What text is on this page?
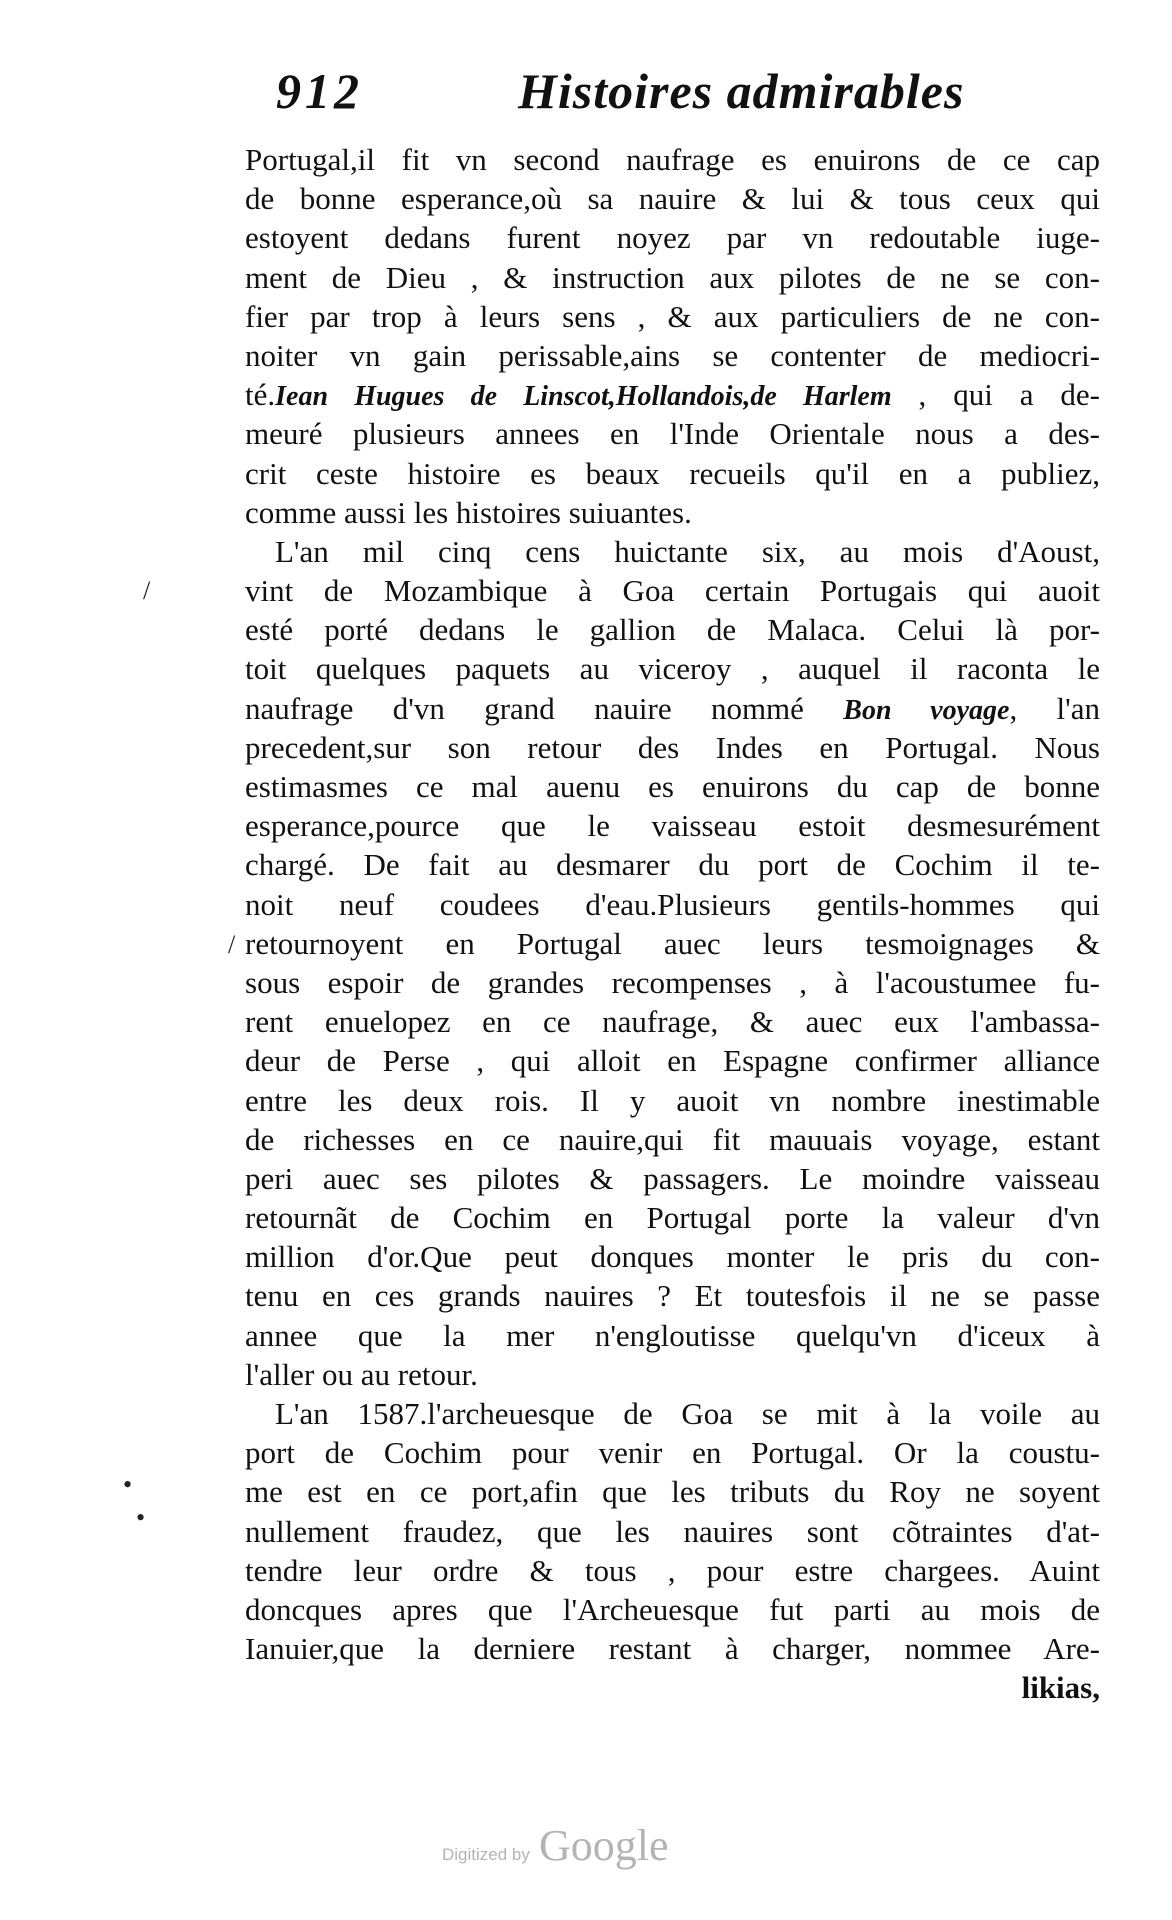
912	Histoires admirables
Portugal,il fit vn second naufrage es enuirons de ce cap
de bonne esperance,où sa nauire & lui & tous ceux qui
estoyent dedans furent noyez par vn redoutable iuge-
ment de Dieu , & instruction aux pilotes de ne se con-
fier par trop à leurs sens , & aux particuliers de ne con-
noiter vn gain perissable,ains se contenter de mediocri-
té.Iean Hugues de Linscot,Hollandois,de Harlem , qui a de-
meuré plusieurs annees en l'Inde Orientale nous a des-
crit ceste histoire es beaux recueils qu'il en a publiez,
comme aussi les histoires suiuantes.
L'an mil cinq cens huictante six, au mois d'Aoust,
vint de Mozambique à Goa certain Portugais qui auoit
esté porté dedans le gallion de Malaca. Celui là por-
toit quelques paquets au viceroy , auquel il raconta le
naufrage d'vn grand nauire nommé Bon voyage, l'an
precedent,sur son retour des Indes en Portugal. Nous
estimasmes ce mal auenu es enuirons du cap de bonne
esperance,pource que le vaisseau estoit desmesurément
chargé. De fait au desmarer du port de Cochim il te-
noit neuf coudees d'eau.Plusieurs gentils-hommes qui
retournoyent en Portugal auec leurs tesmoignages &
sous espoir de grandes recompenses , à l'acoustumee fu-
rent enuelopez en ce naufrage, & auec eux l'ambassa-
deur de Perse , qui alloit en Espagne confirmer alliance
entre les deux rois. Il y auoit vn nombre inestimable
de richesses en ce nauire,qui fit mauuais voyage, estant
peri auec ses pilotes & passagers. Le moindre vaisseau
retournãt de Cochim en Portugal porte la valeur d'vn
million d'or.Que peut donques monter le pris du con-
tenu en ces grands nauires ? Et toutesfois il ne se passe
annee que la mer n'engloutisse quelqu'vn d'iceux à
l'aller ou au retour.
L'an 1587.l'archeuesque de Goa se mit à la voile au
port de Cochim pour venir en Portugal. Or la coustu-
me est en ce port,afin que les tributs du Roy ne soyent
nullement fraudez, que les nauires sont cõtraintes d'at-
tendre leur ordre & tous , pour estre chargees. Auint
doncques apres que l'Archeuesque fut parti au mois de
Ianuier,que la derniere restant à charger, nommee Are-
likias,
/
/
•
•
Digitized by Google
